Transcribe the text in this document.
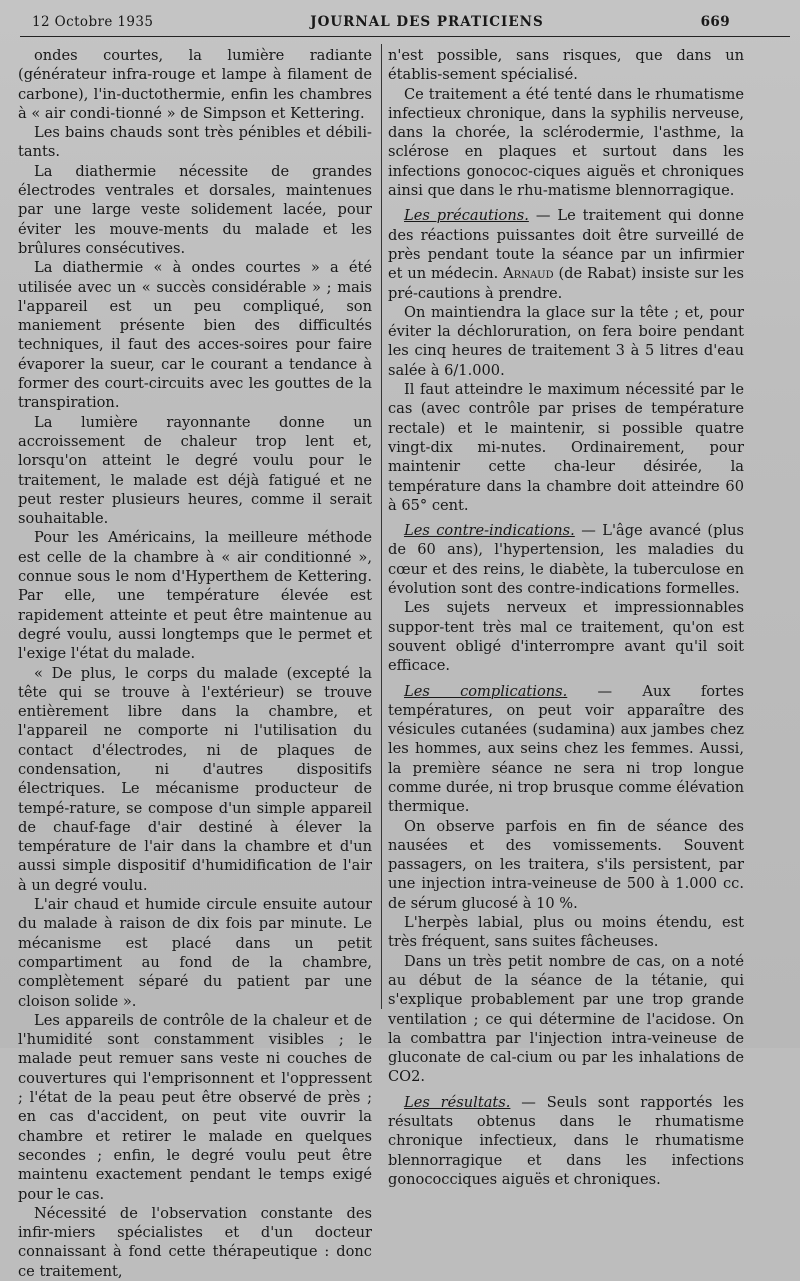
12 Octobre 1935	JOURNAL DES PRATICIENS	669

ondes courtes, la lumière radiante (générateur infra-rouge et lampe à filament de carbone), l'in-ductothermie, enfin les chambres à « air condi-tionné » de Simpson et Kettering.

Les bains chauds sont très pénibles et débili-tants.

La diathermie nécessite de grandes électrodes ventrales et dorsales, maintenues par une large veste solidement lacée, pour éviter les mouve-ments du malade et les brûlures consécutives.

La diathermie « à ondes courtes » a été utilisée avec un « succès considérable » ; mais l'appareil est un peu compliqué, son maniement présente bien des difficultés techniques, il faut des acces-soires pour faire évaporer la sueur, car le courant a tendance à former des court-circuits avec les gouttes de la transpiration.

La lumière rayonnante donne un accroissement de chaleur trop lent et, lorsqu'on atteint le degré voulu pour le traitement, le malade est déjà fatigué et ne peut rester plusieurs heures, comme il serait souhaitable.

Pour les Américains, la meilleure méthode est celle de la chambre à « air conditionné », connue sous le nom d'Hyperthem de Kettering. Par elle, une température élevée est rapidement atteinte et peut être maintenue au degré voulu, aussi longtemps que le permet et l'exige l'état du malade.

« De plus, le corps du malade (excepté la tête qui se trouve à l'extérieur) se trouve entièrement libre dans la chambre, et l'appareil ne comporte ni l'utilisation du contact d'électrodes, ni de plaques de condensation, ni d'autres dispositifs électriques. Le mécanisme producteur de tempé-rature, se compose d'un simple appareil de chauf-fage d'air destiné à élever la température de l'air dans la chambre et d'un aussi simple dispositif d'humidification de l'air à un degré voulu.

L'air chaud et humide circule ensuite autour du malade à raison de dix fois par minute. Le mécanisme est placé dans un petit compartiment au fond de la chambre, complètement séparé du patient par une cloison solide ».

Les appareils de contrôle de la chaleur et de l'humidité sont constamment visibles ; le malade peut remuer sans veste ni couches de couvertures qui l'emprisonnent et l'oppressent ; l'état de la peau peut être observé de près ; en cas d'accident, on peut vite ouvrir la chambre et retirer le malade en quelques secondes ; enfin, le degré voulu peut être maintenu exactement pendant le temps exigé pour le cas.

Nécessité de l'observation constante des infir-miers spécialistes et d'un docteur connaissant à fond cette thérapeutique : donc ce traitement,

n'est possible, sans risques, que dans un établis-sement spécialisé.

Ce traitement a été tenté dans le rhumatisme infectieux chronique, dans la syphilis nerveuse, dans la chorée, la sclérodermie, l'asthme, la sclérose en plaques et surtout dans les infections gonococ-ciques aiguës et chroniques ainsi que dans le rhu-matisme blennorragique.

Les précautions. — Le traitement qui donne des réactions puissantes doit être surveillé de près pendant toute la séance par un infirmier et un médecin. Arnaud (de Rabat) insiste sur les pré-cautions à prendre.

On maintiendra la glace sur la tête ; et, pour éviter la déchloruration, on fera boire pendant les cinq heures de traitement 3 à 5 litres d'eau salée à 6/1.000.

Il faut atteindre le maximum nécessité par le cas (avec contrôle par prises de température rectale) et le maintenir, si possible quatre vingt-dix mi-nutes. Ordinairement, pour maintenir cette cha-leur désirée, la température dans la chambre doit atteindre 60 à 65° cent.

Les contre-indications. — L'âge avancé (plus de 60 ans), l'hypertension, les maladies du cœur et des reins, le diabète, la tuberculose en évolution sont des contre-indications formelles.

Les sujets nerveux et impressionnables suppor-tent très mal ce traitement, qu'on est souvent obligé d'interrompre avant qu'il soit efficace.

Les complications. — Aux fortes températures, on peut voir apparaître des vésicules cutanées (sudamina) aux jambes chez les hommes, aux seins chez les femmes. Aussi, la première séance ne sera ni trop longue comme durée, ni trop brusque comme élévation thermique.

On observe parfois en fin de séance des nausées et des vomissements. Souvent passagers, on les traitera, s'ils persistent, par une injection intra-veineuse de 500 à 1.000 cc. de sérum glucosé à 10 %.

L'herpès labial, plus ou moins étendu, est très fréquent, sans suites fâcheuses.

Dans un très petit nombre de cas, on a noté au début de la séance de la tétanie, qui s'explique probablement par une trop grande ventilation ; ce qui détermine de l'acidose. On la combattra par l'injection intra-veineuse de gluconate de cal-cium ou par les inhalations de CO2.

Les résultats. — Seuls sont rapportés les résultats obtenus dans le rhumatisme chronique infectieux, dans le rhumatisme blennorragique et dans les infections gonococciques aiguës et chroniques.
